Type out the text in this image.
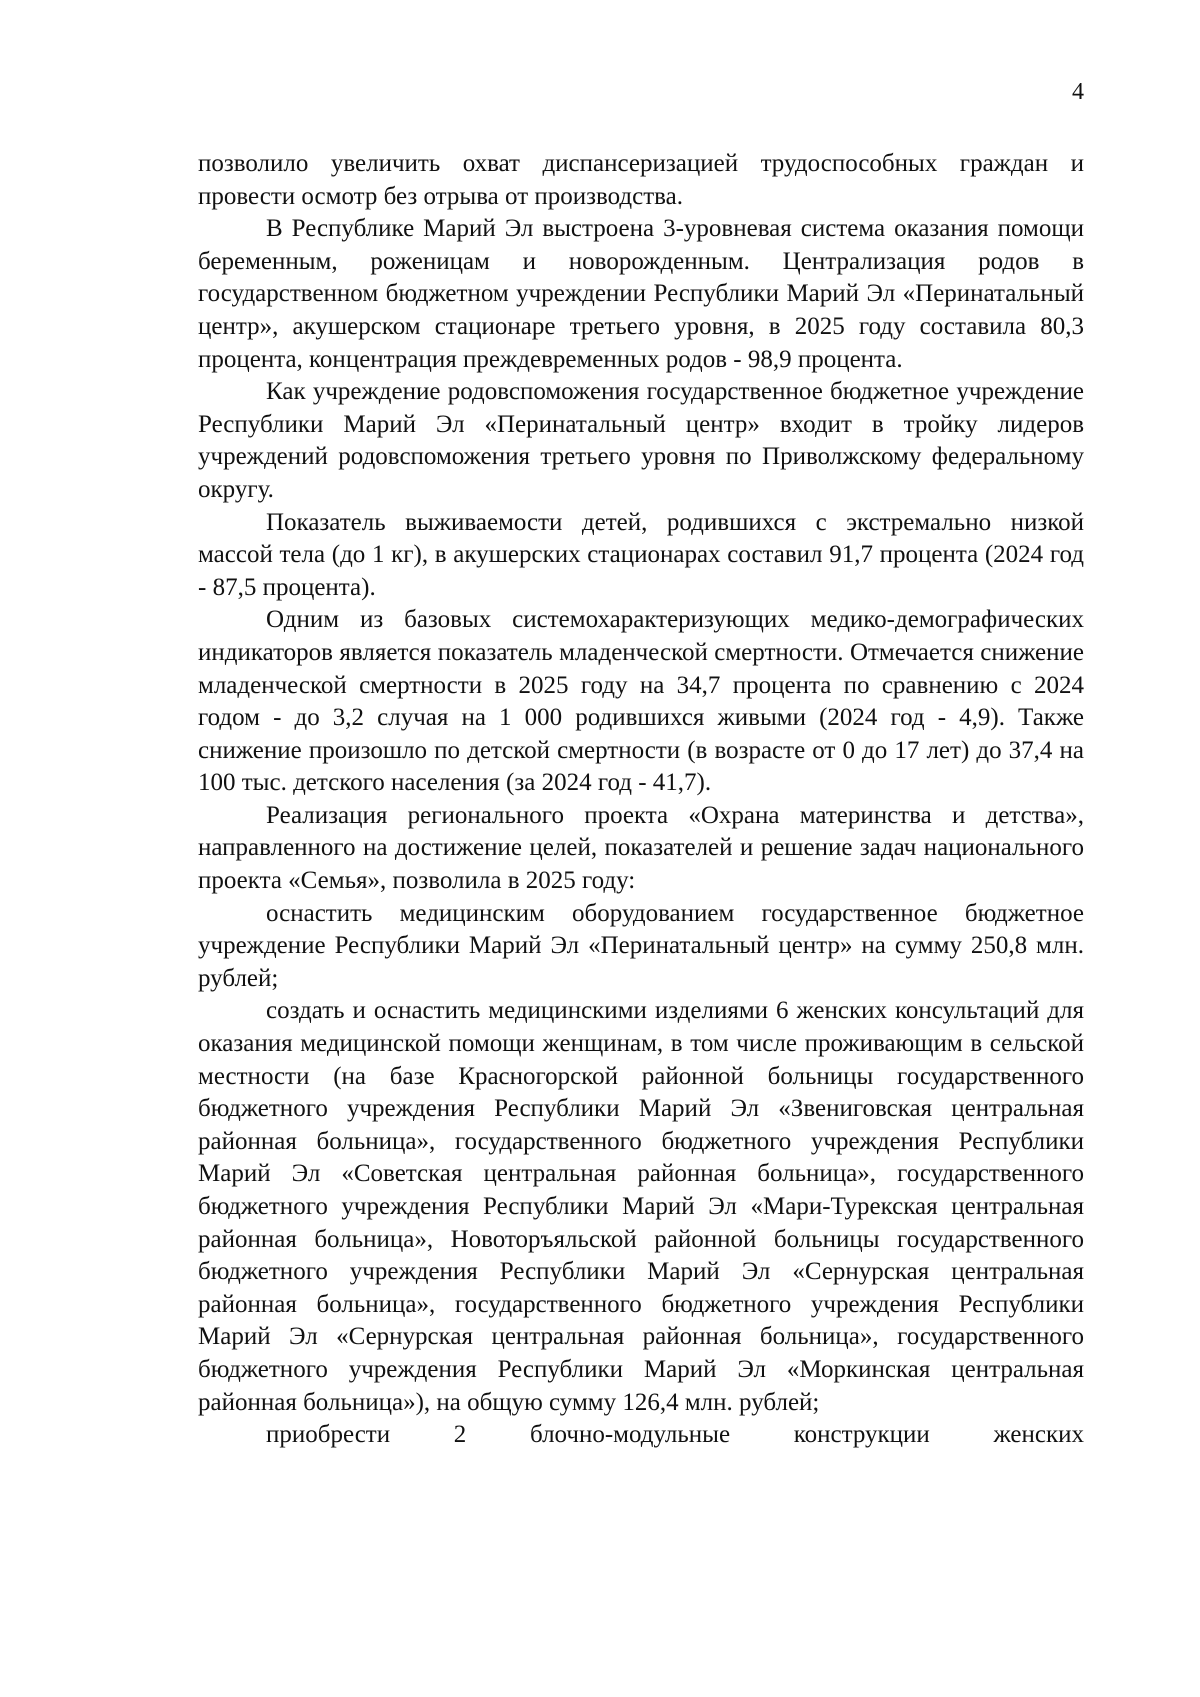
4

позволило увеличить охват диспансеризацией трудоспособных граждан и провести осмотр без отрыва от производства.

В Республике Марий Эл выстроена 3-уровневая система оказания помощи беременным, роженицам и новорожденным. Централизация родов в государственном бюджетном учреждении Республики Марий Эл «Перинатальный центр», акушерском стационаре третьего уровня, в 2025 году составила 80,3 процента, концентрация преждевременных родов - 98,9 процента.

Как учреждение родовспоможения государственное бюджетное учреждение Республики Марий Эл «Перинатальный центр» входит в тройку лидеров учреждений родовспоможения третьего уровня по Приволжскому федеральному округу.

Показатель выживаемости детей, родившихся с экстремально низкой массой тела (до 1 кг), в акушерских стационарах составил 91,7 процента (2024 год - 87,5 процента).

Одним из базовых системохарактеризующих медико-демографических индикаторов является показатель младенческой смертности. Отмечается снижение младенческой смертности в 2025 году на 34,7 процента по сравнению с 2024 годом - до 3,2 случая на 1 000 родившихся живыми (2024 год - 4,9). Также снижение произошло по детской смертности (в возрасте от 0 до 17 лет) до 37,4 на 100 тыс. детского населения (за 2024 год - 41,7).

Реализация регионального проекта «Охрана материнства и детства», направленного на достижение целей, показателей и решение задач национального проекта «Семья», позволила в 2025 году:

оснастить медицинским оборудованием государственное бюджетное учреждение Республики Марий Эл «Перинатальный центр» на сумму 250,8 млн. рублей;

создать и оснастить медицинскими изделиями 6 женских консультаций для оказания медицинской помощи женщинам, в том числе проживающим в сельской местности (на базе Красногорской районной больницы государственного бюджетного учреждения Республики Марий Эл «Звениговская центральная районная больница», государственного бюджетного учреждения Республики Марий Эл «Советская центральная районная больница», государственного бюджетного учреждения Республики Марий Эл «Мари-Турекская центральная районная больница», Новоторъяльской районной больницы государственного бюджетного учреждения Республики Марий Эл «Сернурская центральная районная больница», государственного бюджетного учреждения Республики Марий Эл «Сернурская центральная районная больница», государственного бюджетного учреждения Республики Марий Эл «Моркинская центральная районная больница»), на общую сумму 126,4 млн. рублей;

приобрести 2 блочно-модульные конструкции женских
